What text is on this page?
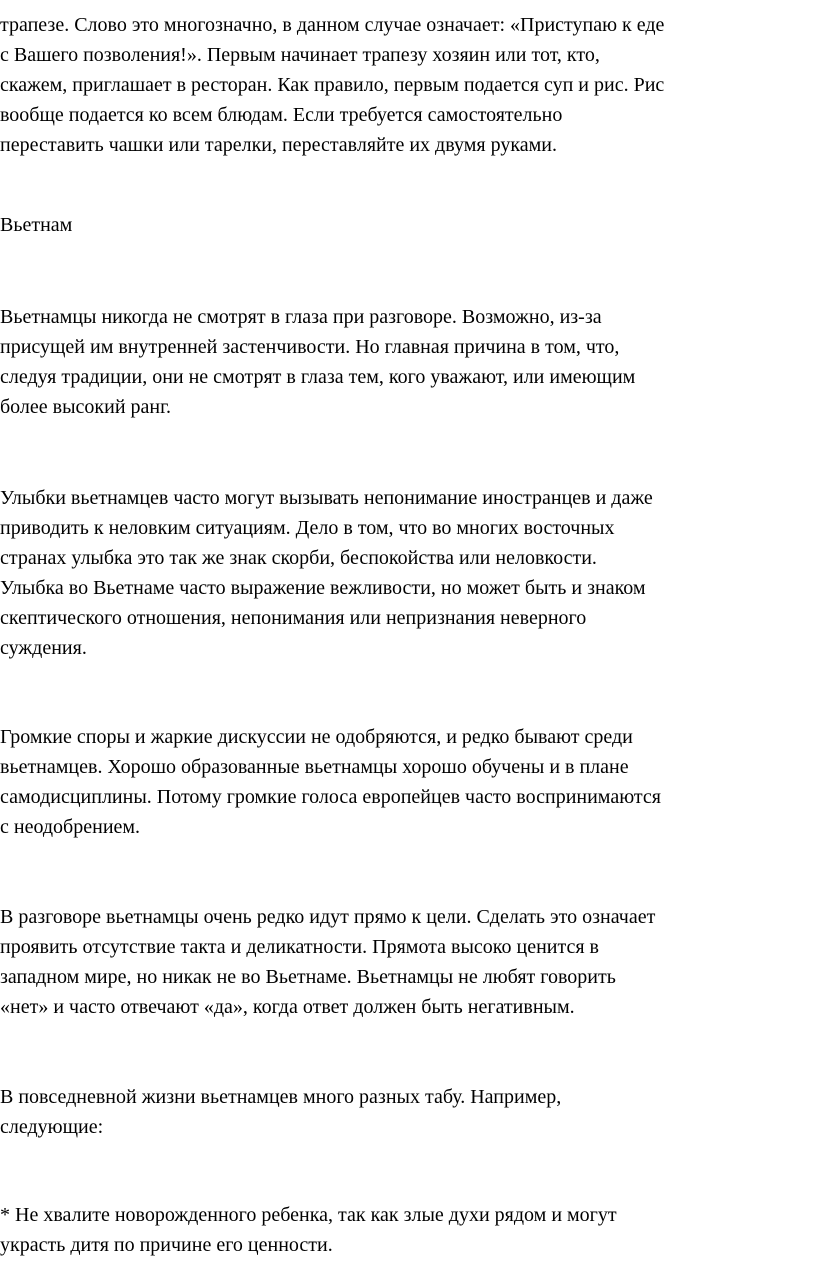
трапезе. Слово это многозначно, в данном случае означает: «Приступаю к еде
с Вашего позволения!». Первым начинает трапезу хозяин или тот, кто,
скажем, приглашает в ресторан. Как правило, первым подается суп и рис. Рис
вообще подается ко всем блюдам. Если требуется самостоятельно
переставить чашки или тарелки, переставляйте их двумя руками.
Вьетнам
Вьетнамцы никогда не смотрят в глаза при разговоре. Возможно, из-за
присущей им внутренней застенчивости. Но главная причина в том, что,
следуя традиции, они не смотрят в глаза тем, кого уважают, или имеющим
более высокий ранг.
Улыбки вьетнамцев часто могут вызывать непонимание иностранцев и даже
приводить к неловким ситуациям. Дело в том, что во многих восточных
странах улыбка это так же знак скорби, беспокойства или неловкости.
Улыбка во Вьетнаме часто выражение вежливости, но может быть и знаком
скептического отношения, непонимания или непризнания неверного
суждения.
Громкие споры и жаркие дискуссии не одобряются, и редко бывают среди
вьетнамцев. Хорошо образованные вьетнамцы хорошо обучены и в плане
самодисциплины. Потому громкие голоса европейцев часто воспринимаются
с неодобрением.
В разговоре вьетнамцы очень редко идут прямо к цели. Сделать это означает
проявить отсутствие такта и деликатности. Прямота высоко ценится в
западном мире, но никак не во Вьетнаме. Вьетнамцы не любят говорить
«нет» и часто отвечают «да», когда ответ должен быть негативным.
В повседневной жизни вьетнамцев много разных табу. Например,
следующие:
* Не хвалите новорожденного ребенка, так как злые духи рядом и могут
украсть дитя по причине его ценности.
